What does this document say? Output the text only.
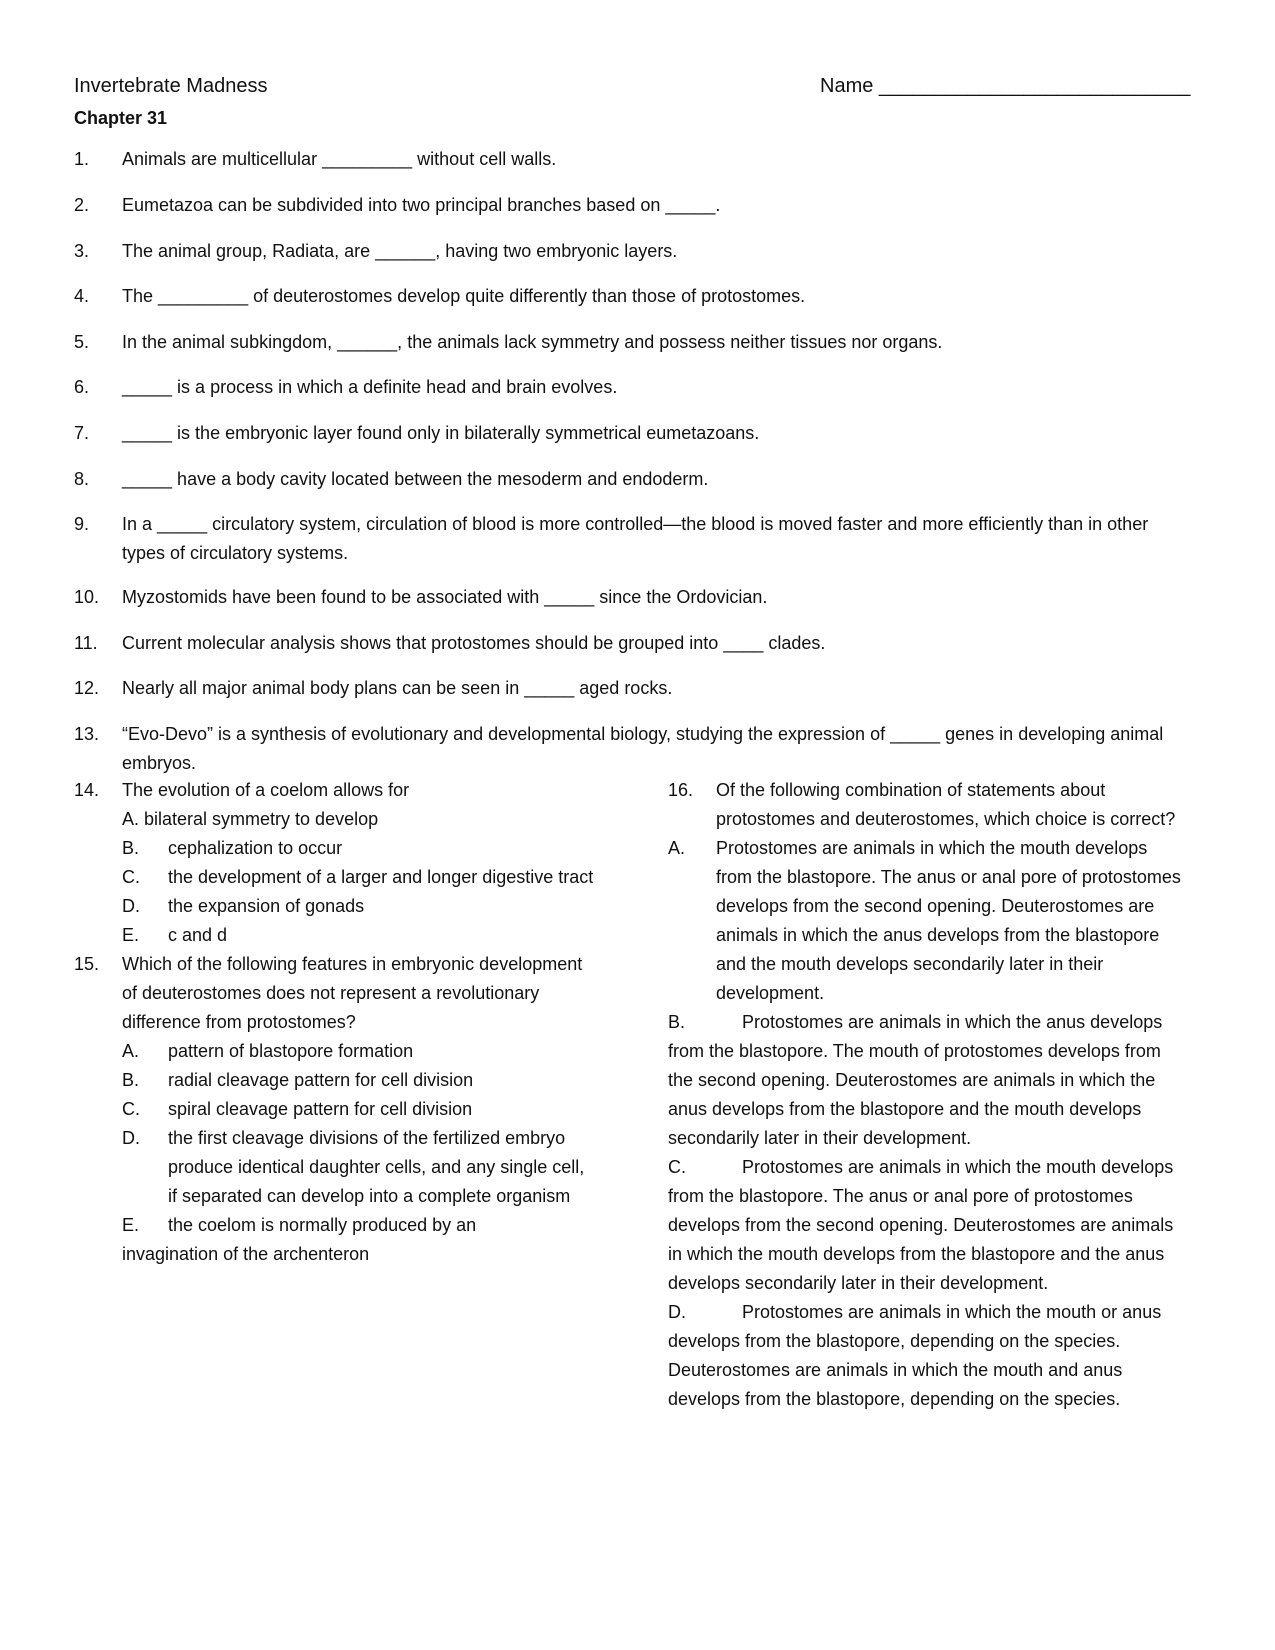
Invertebrate Madness
Chapter 31
Name ____________________________
1. Animals are multicellular _________ without cell walls.
2. Eumetazoa can be subdivided into two principal branches based on _____.
3. The animal group, Radiata, are ______, having two embryonic layers.
4. The _________ of deuterostomes develop quite differently than those of protostomes.
5. In the animal subkingdom, ______, the animals lack symmetry and possess neither tissues nor organs.
6. _____ is a process in which a definite head and brain evolves.
7. _____ is the embryonic layer found only in bilaterally symmetrical eumetazoans.
8. _____ have a body cavity located between the mesoderm and endoderm.
9. In a _____ circulatory system, circulation of blood is more controlled—the blood is moved faster and more efficiently than in other types of circulatory systems.
10. Myzostomids have been found to be associated with _____ since the Ordovician.
11. Current molecular analysis shows that protostomes should be grouped into ____ clades.
12. Nearly all major animal body plans can be seen in _____ aged rocks.
13. “Evo-Devo” is a synthesis of evolutionary and developmental biology, studying the expression of _____ genes in developing animal embryos.
14. The evolution of a coelom allows for
A. bilateral symmetry to develop
B. cephalization to occur
C. the development of a larger and longer digestive tract
D. the expansion of gonads
E. c and d
15. Which of the following features in embryonic development of deuterostomes does not represent a revolutionary difference from protostomes?
A. pattern of blastopore formation
B. radial cleavage pattern for cell division
C. spiral cleavage pattern for cell division
D. the first cleavage divisions of the fertilized embryo produce identical daughter cells, and any single cell, if separated can develop into a complete organism
E. the coelom is normally produced by an
invagination of the archenteron
16. Of the following combination of statements about protostomes and deuterostomes, which choice is correct?
A. Protostomes are animals in which the mouth develops from the blastopore. The anus or anal pore of protostomes develops from the second opening. Deuterostomes are animals in which the anus develops from the blastopore and the mouth develops secondarily later in their development.
B.	Protostomes are animals in which the anus develops from the blastopore. The mouth of protostomes develops from the second opening. Deuterostomes are animals in which the anus develops from the blastopore and the mouth develops secondarily later in their development.
C.	Protostomes are animals in which the mouth develops from the blastopore. The anus or anal pore of protostomes develops from the second opening. Deuterostomes are animals in which the mouth develops from the blastopore and the anus develops secondarily later in their development.
D.	Protostomes are animals in which the mouth or anus develops from the blastopore, depending on the species. Deuterostomes are animals in which the mouth and anus develops from the blastopore, depending on the species.
